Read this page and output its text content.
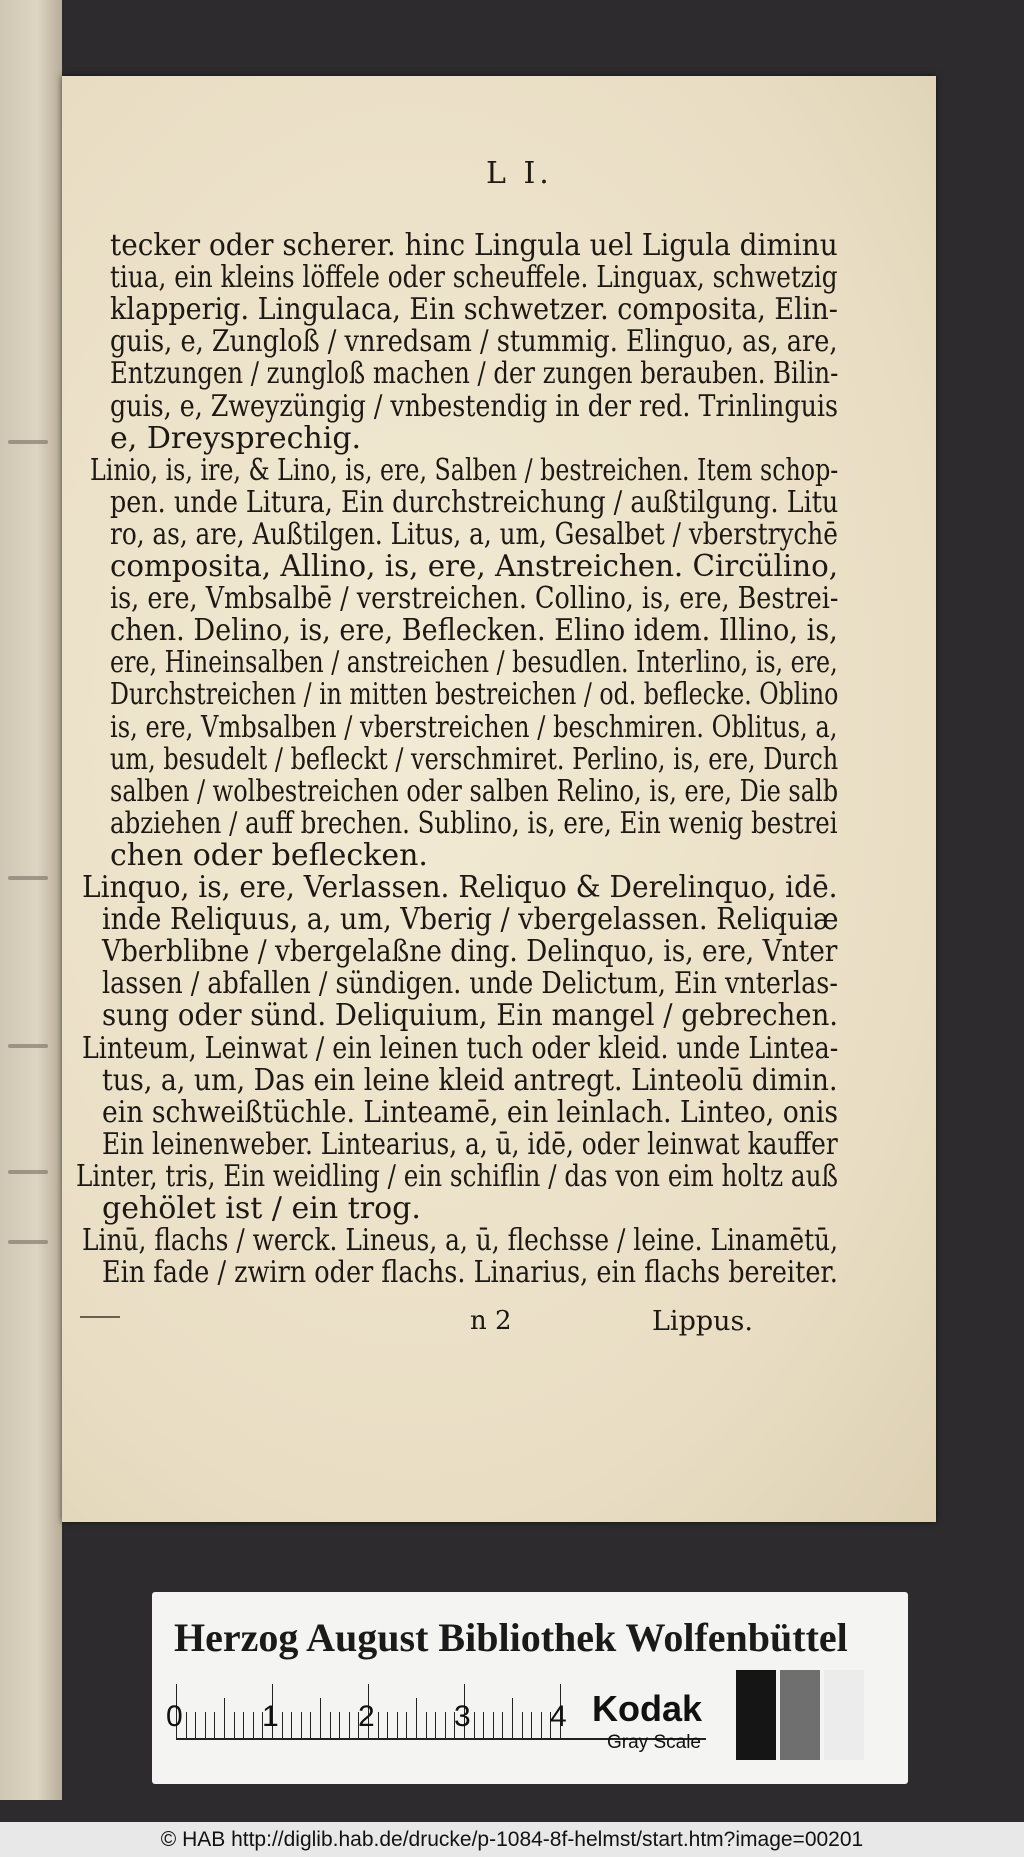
L I.
tecker oder scherer. hinc Lingula uel Ligula diminu
tiua, ein kleins löffele oder scheuffele. Linguax, schwetzig
klapperig. Lingulaca, Ein schwetzer. composita, Elin-
guis, e, Zungloß / vnredsam / stummig. Elinguo, as, are,
Entzungen / zungloß machen / der zungen berauben. Bilin-
guis, e, Zweyzüngig / vnbestendig in der red. Trinlinguis
e, Dreysprechig.
Linio, is, ire, & Lino, is, ere, Salben / bestreichen. Item schop-
pen. unde Litura, Ein durchstreichung / außtilgung. Litu
ro, as, are, Außtilgen. Litus, a, um, Gesalbet / vberstrychē
composita, Allino, is, ere, Anstreichen. Circülino,
is, ere, Vmbsalbē / verstreichen. Collino, is, ere, Bestrei-
chen. Delino, is, ere, Beflecken. Elino idem. Illino, is,
ere, Hineinsalben / anstreichen / besudlen. Interlino, is, ere,
Durchstreichen / in mitten bestreichen / od. beflecke. Oblino
is, ere, Vmbsalben / vberstreichen / beschmiren. Oblitus, a,
um, besudelt / befleckt / verschmiret. Perlino, is, ere, Durch
salben / wolbestreichen oder salben Relino, is, ere, Die salb
abziehen / auff brechen. Sublino, is, ere, Ein wenig bestrei
chen oder beflecken.
Linquo, is, ere, Verlassen. Reliquo & Derelinquo, idē.
inde Reliquus, a, um, Vberig / vbergelassen. Reliquiæ
Vberblibne / vbergelaßne ding. Delinquo, is, ere, Vnter
lassen / abfallen / sündigen. unde Delictum, Ein vnterlas-
sung oder sünd. Deliquium, Ein mangel / gebrechen.
Linteum, Leinwat / ein leinen tuch oder kleid. unde Lintea-
tus, a, um, Das ein leine kleid antregt. Linteolū dimin.
ein schweißtüchle. Linteamē, ein leinlach. Linteo, onis
Ein leinenweber. Lintearius, a, ū, idē, oder leinwat kauffer
Linter, tris, Ein weidling / ein schiflin / das von eim holtz auß
gehölet ist / ein trog.
Linū, flachs / werck. Lineus, a, ū, flechsse / leine. Linamētū,
Ein fade / zwirn oder flachs. Linarius, ein flachs bereiter.
n 2	Lippus.
Herzog August Bibliothek Wolfenbüttel
0	1	2	3	4 Kodak
Gray Scale
© HAB http://diglib.hab.de/drucke/p-1084-8f-helmst/start.htm?image=00201
